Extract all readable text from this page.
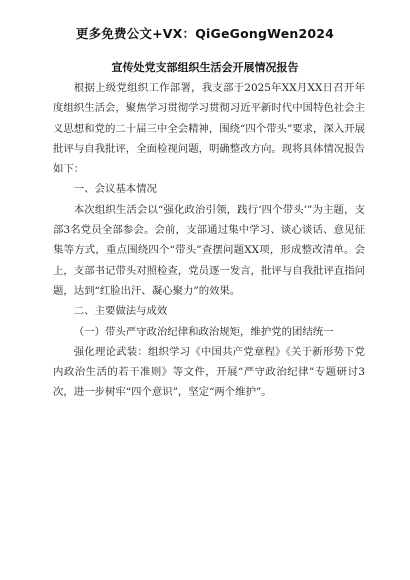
更多免费公文+VX：QiGeGongWen2024
宣传处党支部组织生活会开展情况报告

根据上级党组织工作部署，我支部于2025年XX月XX日召开年度组织生活会，聚焦学习贯彻学习贯彻习近平新时代中国特色社会主义思想和党的二十届三中全会精神，围绕“四个带头”要求，深入开展批评与自我批评，全面检视问题，明确整改方向。现将具体情况报告如下：

一、会议基本情况

本次组织生活会以“强化政治引领，践行‘四个带头’”为主题，支部3名党员全部参会。会前，支部通过集中学习、谈心谈话、意见征集等方式，重点围绕四个“带头”查摆问题XX项，形成整改清单。会上，支部书记带头对照检查，党员逐一发言，批评与自我批评直指问题，达到“红脸出汗、凝心聚力”的效果。

二、主要做法与成效

（一）带头严守政治纪律和政治规矩，维护党的团结统一

强化理论武装：组织学习《中国共产党章程》《关于新形势下党内政治生活的若干准则》等文件，开展“严守政治纪律”专题研讨3次，进一步树牢“四个意识”，坚定“两个维护”。
